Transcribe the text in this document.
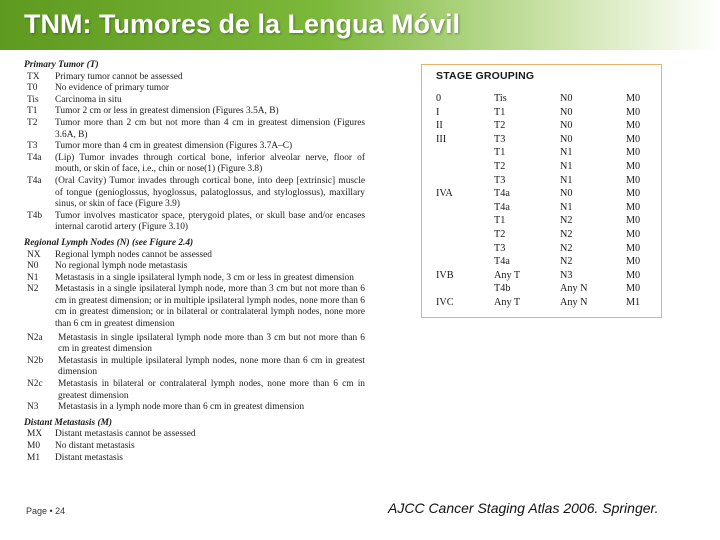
TNM: Tumores de la Lengua Móvil
Primary Tumor (T)
TX	Primary tumor cannot be assessed
T0	No evidence of primary tumor
Tis	Carcinoma in situ
T1	Tumor 2 cm or less in greatest dimension (Figures 3.5A, B)
T2	Tumor more than 2 cm but not more than 4 cm in greatest dimension (Figures 3.6A, B)
T3	Tumor more than 4 cm in greatest dimension (Figures 3.7A–C)
T4a	(Lip) Tumor invades through cortical bone, inferior alveolar nerve, floor of mouth, or skin of face, i.e., chin or nose(1) (Figure 3.8)
T4a	(Oral Cavity) Tumor invades through cortical bone, into deep [extrinsic] muscle of tongue (genioglossus, hyoglossus, palatoglossus, and styloglossus), maxillary sinus, or skin of face (Figure 3.9)
T4b	Tumor involves masticator space, pterygoid plates, or skull base and/or encases internal carotid artery (Figure 3.10)
Regional Lymph Nodes (N) (see Figure 2.4)
NX	Regional lymph nodes cannot be assessed
N0	No regional lymph node metastasis
N1	Metastasis in a single ipsilateral lymph node, 3 cm or less in greatest dimension
N2	Metastasis in a single ipsilateral lymph node, more than 3 cm but not more than 6 cm in greatest dimension; or in multiple ipsilateral lymph nodes, none more than 6 cm in greatest dimension; or in bilateral or contralateral lymph nodes, none more than 6 cm in greatest dimension
N2a	Metastasis in single ipsilateral lymph node more than 3 cm but not more than 6 cm in greatest dimension
N2b	Metastasis in multiple ipsilateral lymph nodes, none more than 6 cm in greatest dimension
N2c	Metastasis in bilateral or contralateral lymph nodes, none more than 6 cm in greatest dimension
N3	Metastasis in a lymph node more than 6 cm in greatest dimension
Distant Metastasis (M)
MX	Distant metastasis cannot be assessed
M0	No distant metastasis
M1	Distant metastasis
STAGE GROUPING
0	Tis	N0	M0
I	T1	N0	M0
II	T2	N0	M0
III	T3	N0	M0
	T1	N1	M0
	T2	N1	M0
	T3	N1	M0
IVA	T4a	N0	M0
	T4a	N1	M0
	T1	N2	M0
	T2	N2	M0
	T3	N2	M0
	T4a	N2	M0
IVB	Any T	N3	M0
	T4b	Any N	M0
IVC	Any T	Any N	M1
Page • 24	AJCC Cancer Staging Atlas 2006. Springer.
